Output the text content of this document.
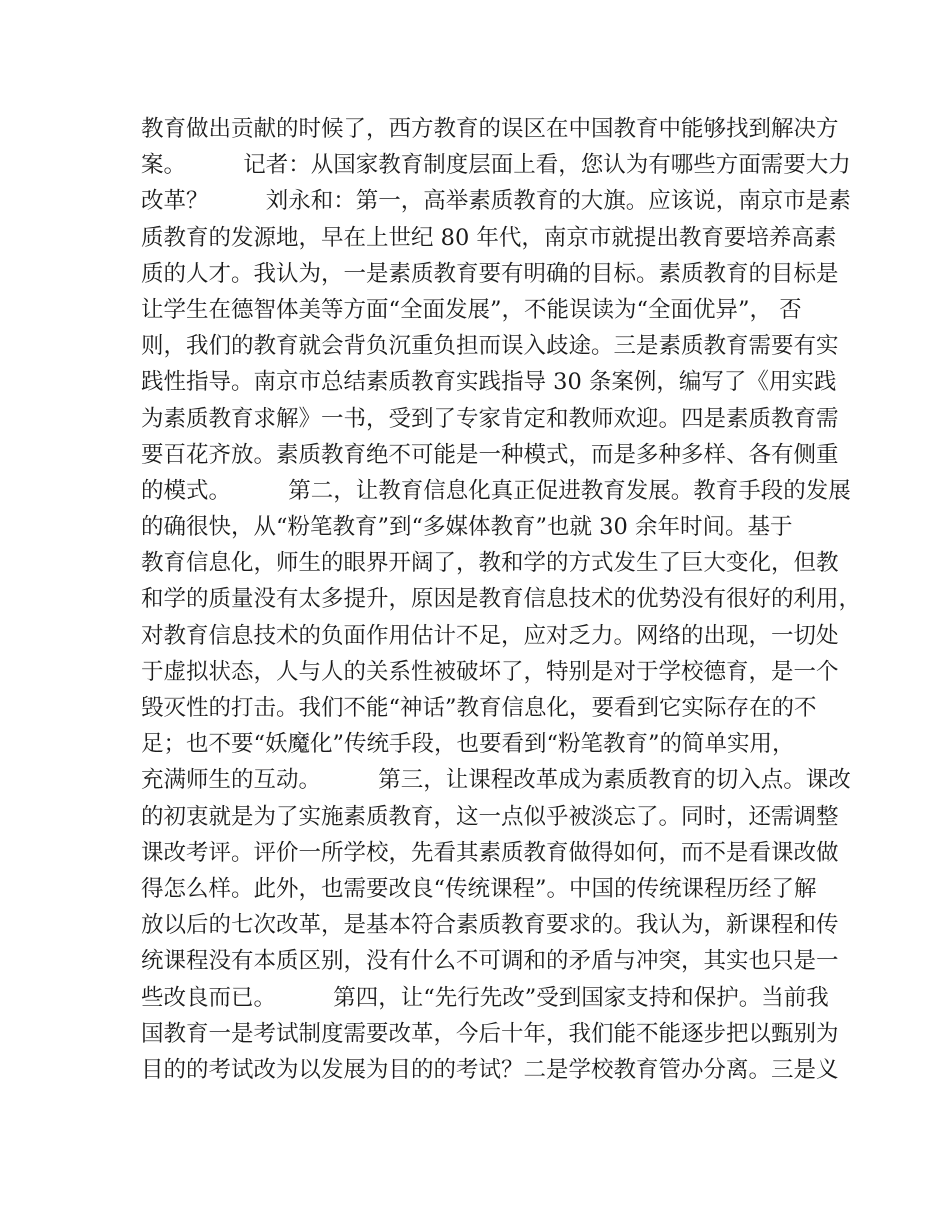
教育做出贡献的时候了，西方教育的误区在中国教育中能够找到解决方
案。        记者：从国家教育制度层面上看，您认为有哪些方面需要大力
改革？        刘永和：第一，高举素质教育的大旗。应该说，南京市是素
质教育的发源地，早在上世纪 80 年代，南京市就提出教育要培养高素
质的人才。我认为，一是素质教育要有明确的目标。素质教育的目标是
让学生在德智体美等方面“全面发展”，不能误读为“全面优异”， 否
则，我们的教育就会背负沉重负担而误入歧途。三是素质教育需要有实
践性指导。南京市总结素质教育实践指导 30 条案例，编写了《用实践
为素质教育求解》一书，受到了专家肯定和教师欢迎。四是素质教育需
要百花齐放。素质教育绝不可能是一种模式，而是多种多样、各有侧重
的模式。        第二，让教育信息化真正促进教育发展。教育手段的发展
的确很快，从“粉笔教育”到“多媒体教育”也就 30 余年时间。基于
教育信息化，师生的眼界开阔了，教和学的方式发生了巨大变化，但教
和学的质量没有太多提升，原因是教育信息技术的优势没有很好的利用，
对教育信息技术的负面作用估计不足，应对乏力。网络的出现，一切处
于虚拟状态，人与人的关系性被破坏了，特别是对于学校德育，是一个
毁灭性的打击。我们不能“神话”教育信息化，要看到它实际存在的不
足；也不要“妖魔化”传统手段，也要看到“粉笔教育”的简单实用，
充满师生的互动。        第三，让课程改革成为素质教育的切入点。课改
的初衷就是为了实施素质教育，这一点似乎被淡忘了。同时，还需调整
课改考评。评价一所学校，先看其素质教育做得如何，而不是看课改做
得怎么样。此外，也需要改良“传统课程”。中国的传统课程历经了解
放以后的七次改革，是基本符合素质教育要求的。我认为，新课程和传
统课程没有本质区别，没有什么不可调和的矛盾与冲突，其实也只是一
些改良而已。        第四，让“先行先改”受到国家支持和保护。当前我
国教育一是考试制度需要改革，今后十年，我们能不能逐步把以甄别为
目的的考试改为以发展为目的的考试？二是学校教育管办分离。三是义
